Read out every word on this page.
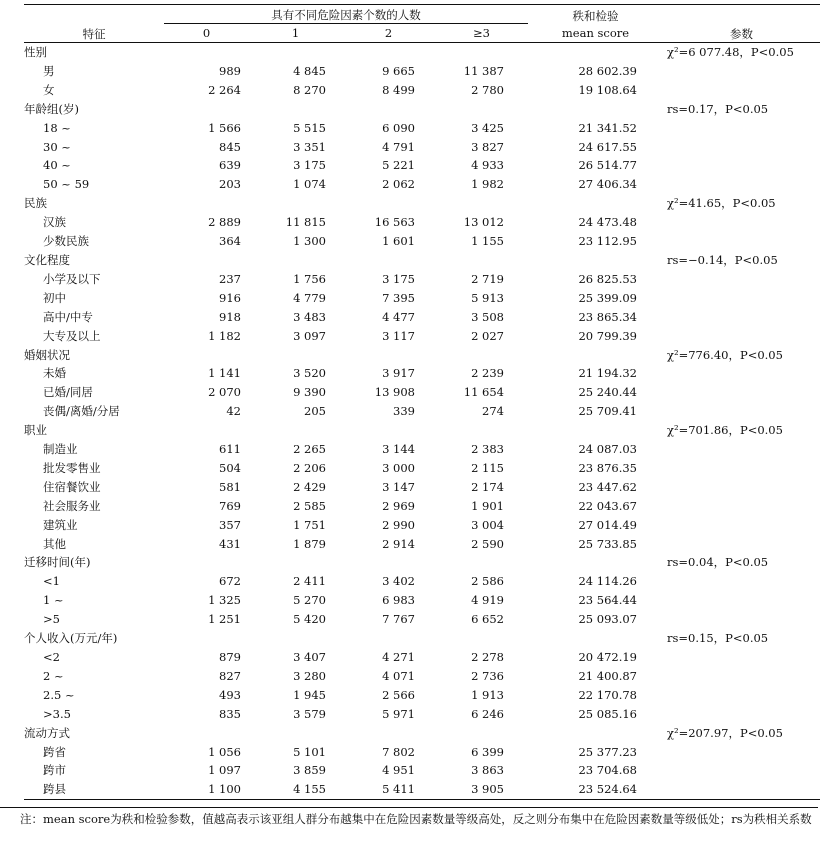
特征	具有不同危险因素个数的人数				秩和检验	参数
	0	1	2	≥3	mean score	
性别						χ²=6 077.48，P<0.05
男	989	4 845	9 665	11 387	28 602.39	
女	2 264	8 270	8 499	2 780	19 108.64	
年龄组(岁)						rs=0.17，P<0.05
18 ~	1 566	5 515	6 090	3 425	21 341.52	
30 ~	845	3 351	4 791	3 827	24 617.55	
40 ~	639	3 175	5 221	4 933	26 514.77	
50 ~ 59	203	1 074	2 062	1 982	27 406.34	
民族						χ²=41.65，P<0.05
汉族	2 889	11 815	16 563	13 012	24 473.48	
少数民族	364	1 300	1 601	1 155	23 112.95	
文化程度						rs=−0.14，P<0.05
小学及以下	237	1 756	3 175	2 719	26 825.53	
初中	916	4 779	7 395	5 913	25 399.09	
高中/中专	918	3 483	4 477	3 508	23 865.34	
大专及以上	1 182	3 097	3 117	2 027	20 799.39	
婚姻状况						χ²=776.40，P<0.05
未婚	1 141	3 520	3 917	2 239	21 194.32	
已婚/同居	2 070	9 390	13 908	11 654	25 240.44	
丧偶/离婚/分居	42	205	339	274	25 709.41	
职业						χ²=701.86，P<0.05
制造业	611	2 265	3 144	2 383	24 087.03	
批发零售业	504	2 206	3 000	2 115	23 876.35	
住宿餐饮业	581	2 429	3 147	2 174	23 447.62	
社会服务业	769	2 585	2 969	1 901	22 043.67	
建筑业	357	1 751	2 990	3 004	27 014.49	
其他	431	1 879	2 914	2 590	25 733.85	
迁移时间(年)						rs=0.04，P<0.05
<1	672	2 411	3 402	2 586	24 114.26	
1 ~	1 325	5 270	6 983	4 919	23 564.44	
>5	1 251	5 420	7 767	6 652	25 093.07	
个人收入(万元/年)						rs=0.15，P<0.05
<2	879	3 407	4 271	2 278	20 472.19	
2 ~	827	3 280	4 071	2 736	21 400.87	
2.5 ~	493	1 945	2 566	1 913	22 170.78	
>3.5	835	3 579	5 971	6 246	25 085.16	
流动方式						χ²=207.97，P<0.05
跨省	1 056	5 101	7 802	6 399	25 377.23	
跨市	1 097	3 859	4 951	3 863	23 704.68	
跨县	1 100	4 155	5 411	3 905	23 524.64	
注：mean score为秩和检验参数，值越高表示该亚组人群分布越集中在危险因素数量等级高处，反之则分布集中在危险因素数量等级低处；rs为秩相关系数
